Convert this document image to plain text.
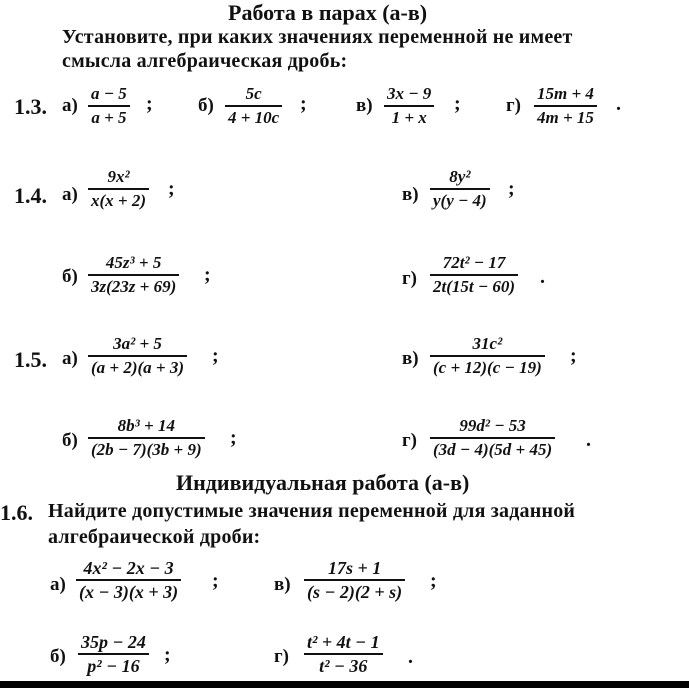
Работа в парах (а-в)
Установите, при каких значениях переменной не имеет
смысла алгебраическая дробь:
1.3. а)
a − 5
a + 5
; б)
5c
4 + 10c
;	в)
3x − 9
1 + x
; г)
15m + 4
4m + 15
.
1.4. а)
9x²
x(x + 2)
;	в)
8y²
y(y − 4)
;
б)
45z³ + 5
3z(23z + 69)
;	г)
72t² − 17
2t(15t − 60) .
1.5. а)
3a² + 5
(a + 2)(a + 3)
;	в)
31c²
(c + 12)(c − 19)
;
б)
8b³ + 14
(2b − 7)(3b + 9)
;	г)
99d² − 53
(3d − 4)(5d + 45) .
Индивидуальная работа (а-в)
1.6. Найдите допустимые значения переменной для заданной
алгебраической дроби:
а)
4x² − 2x − 3
(x − 3)(x + 3) ;	в)
17s + 1
(s − 2)(2 + s) ;
б)
35p − 24
p² − 16 ;	г)
t² + 4t − 1
t² − 36 .
